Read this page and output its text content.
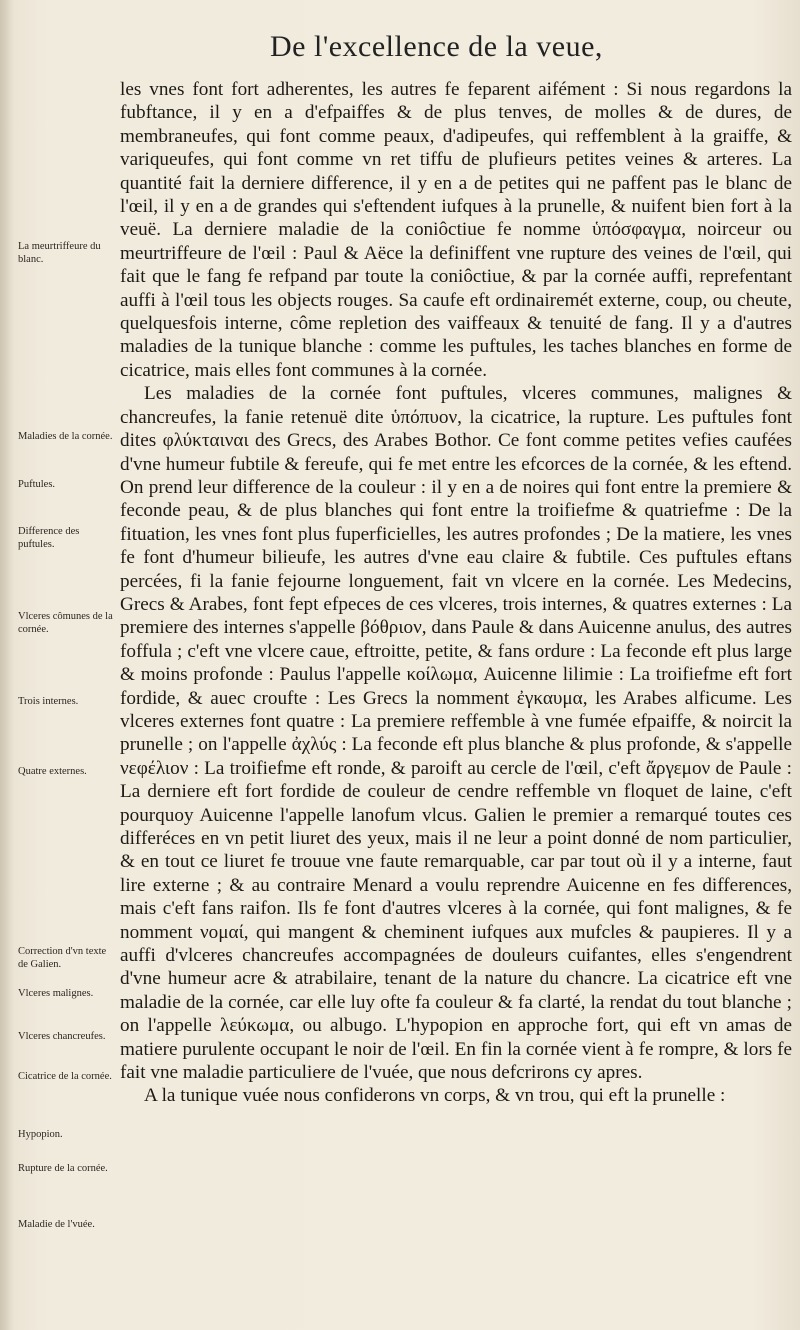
De l'excellence de la veue,
La meurtriffeure du blanc.
Maladies de la cornée.
Puftules.
Difference des puftules.
Vlceres cômunes de la cornée.
Trois internes.
Quatre externes.
Correction d'vn texte de Galien.
Vlceres malignes.
Vlceres chancreufes.
Cicatrice de la cornée.
Hypopion.
Rupture de la cornée.
Maladie de l'vuée.

les vnes font fort adherentes, les autres fe feparent aifément : Si nous regardons la fubftance, il y en a d'efpaiffes & de plus tenves, de molles & de dures, de membraneufes, qui font comme peaux, d'adipeufes, qui reffemblent à la graiffe, & variqueufes, qui font comme vn ret tiffu de plufieurs petites veines & arteres. La quantité fait la derniere difference, il y en a de petites qui ne paffent pas le blanc de l'œil, il y en a de grandes qui s'eftendent iufques à la prunelle, & nuifent bien fort à la veuë. La derniere maladie de la coniôctiue fe nomme ὑπόσφαγμα, noirceur ou meurtriffeure de l'œil : Paul & Aëce la definiffent vne rupture des veines de l'œil, qui fait que le fang fe refpand par toute la coniôctiue, & par la cornée auffi, reprefentant auffi à l'œil tous les objects rouges. Sa caufe eft ordinairemét externe, coup, ou cheute, quelquesfois interne, côme repletion des vaiffeaux & tenuité de fang. Il y a d'autres maladies de la tunique blanche : comme les puftules, les taches blanches en forme de cicatrice, mais elles font communes à la cornée.

Les maladies de la cornée font puftules, vlceres communes, malignes & chancreufes, la fanie retenuë dite ὑπόπυον, la cicatrice, la rupture. Les puftules font dites φλύκταιναι des Grecs, des Arabes Bothor. Ce font comme petites vefies caufées d'vne humeur fubtile & fereufe, qui fe met entre les efcorces de la cornée, & les eftend. On prend leur difference de la couleur : il y en a de noires qui font entre la premiere & feconde peau, & de plus blanches qui font entre la troifiefme & quatriefme : De la fituation, les vnes font plus fuperficielles, les autres profondes ; De la matiere, les vnes fe font d'humeur bilieufe, les autres d'vne eau claire & fubtile. Ces puftules eftans percées, fi la fanie fejourne longuement, fait vn vlcere en la cornée. Les Medecins, Grecs & Arabes, font fept efpeces de ces vlceres, trois internes, & quatres externes : La premiere des internes s'appelle βόθριον, dans Paule & dans Auicenne anulus, des autres foffula ; c'eft vne vlcere caue, eftroitte, petite, & fans ordure : La feconde eft plus large & moins profonde : Paulus l'appelle κοίλωμα, Auicenne lilimie : La troifiefme eft fort fordide, & auec croufte : Les Grecs la nomment ἐγκαυμα, les Arabes alficume. Les vlceres externes font quatre : La premiere reffemble à vne fumée efpaiffe, & noircit la prunelle ; on l'appelle ἀχλύς : La feconde eft plus blanche & plus profonde, & s'appelle νεφέλιον : La troifiefme eft ronde, & paroift au cercle de l'œil, c'eft ἄργεμον de Paule : La derniere eft fort fordide de couleur de cendre reffemble vn floquet de laine, c'eft pourquoy Auicenne l'appelle lanofum vlcus. Galien le premier a remarqué toutes ces differéces en vn petit liuret des yeux, mais il ne leur a point donné de nom particulier, & en tout ce liuret fe trouue vne faute remarquable, car par tout où il y a interne, faut lire externe ; & au contraire Menard a voulu reprendre Auicenne en fes differences, mais c'eft fans raifon. Ils fe font d'autres vlceres à la cornée, qui font malignes, & fe nomment νομαί, qui mangent & cheminent iufques aux mufcles & paupieres. Il y a auffi d'vlceres chancreufes accompagnées de douleurs cuifantes, elles s'engendrent d'vne humeur acre & atrabilaire, tenant de la nature du chancre. La cicatrice eft vne maladie de la cornée, car elle luy ofte fa couleur & fa clarté, la rendat du tout blanche ; on l'appelle λεύκωμα, ou albugo. L'hypopion en approche fort, qui eft vn amas de matiere purulente occupant le noir de l'œil. En fin la cornée vient à fe rompre, & lors fe fait vne maladie particuliere de l'vuée, que nous defcrirons cy apres.

A la tunique vuée nous confiderons vn corps, & vn trou, qui eft la prunelle :
